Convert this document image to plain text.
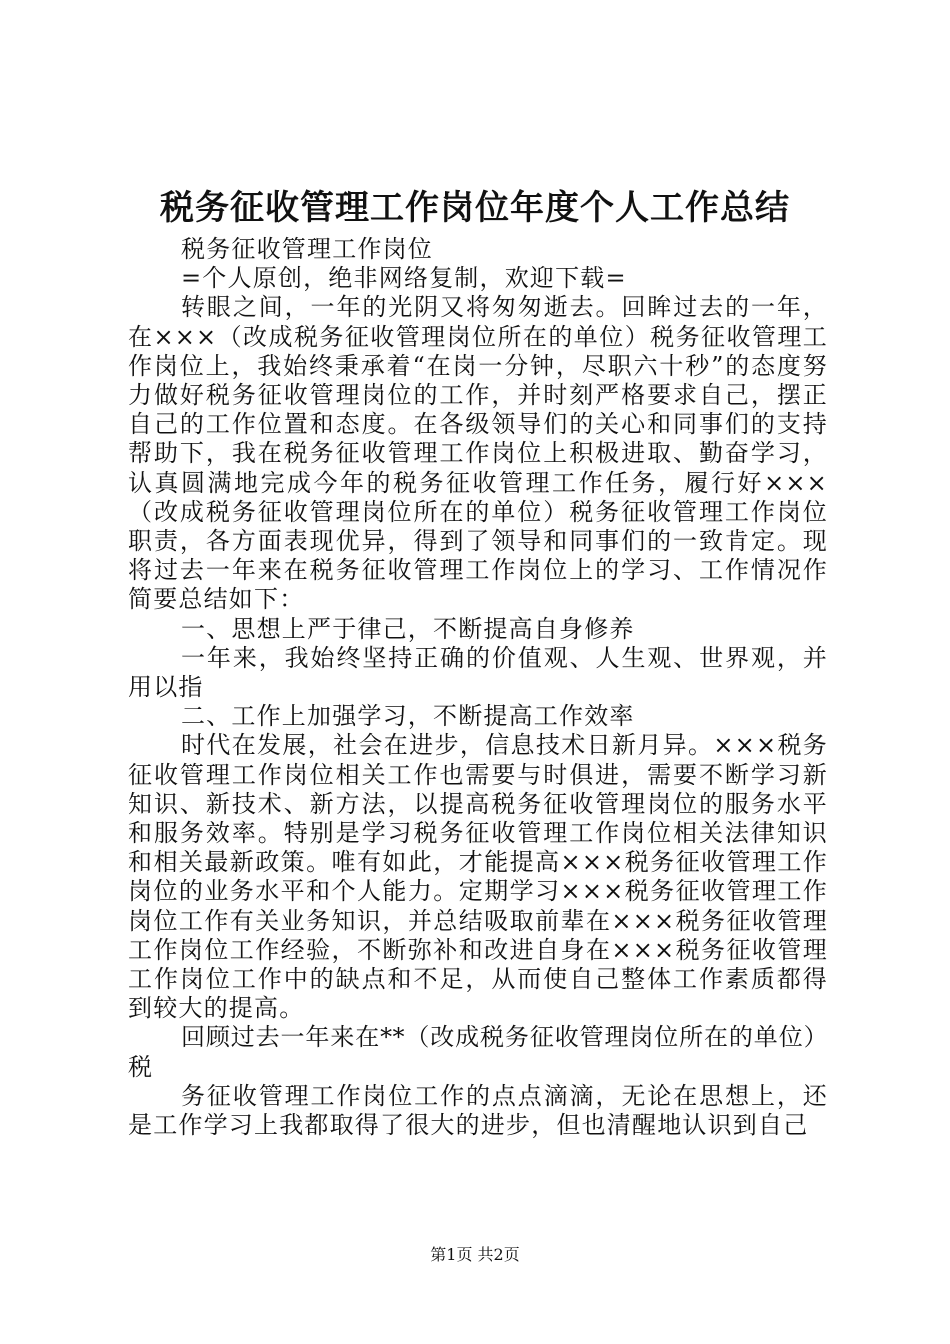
税务征收管理工作岗位年度个人工作总结

税务征收管理工作岗位

=个人原创，绝非网络复制，欢迎下载=

转眼之间，一年的光阴又将匆匆逝去。回眸过去的一年，在×××（改成税务征收管理岗位所在的单位）税务征收管理工作岗位上，我始终秉承着“在岗一分钟，尽职六十秒”的态度努力做好税务征收管理岗位的工作，并时刻严格要求自己，摆正自己的工作位置和态度。在各级领导们的关心和同事们的支持帮助下，我在税务征收管理工作岗位上积极进取、勤奋学习，认真圆满地完成今年的税务征收管理工作任务，履行好×××（改成税务征收管理岗位所在的单位）税务征收管理工作岗位职责，各方面表现优异，得到了领导和同事们的一致肯定。现将过去一年来在税务征收管理工作岗位上的学习、工作情况作简要总结如下：

一、思想上严于律己，不断提高自身修养

一年来，我始终坚持正确的价值观、人生观、世界观，并用以指

二、工作上加强学习，不断提高工作效率

时代在发展，社会在进步，信息技术日新月异。×××税务征收管理工作岗位相关工作也需要与时俱进，需要不断学习新知识、新技术、新方法，以提高税务征收管理岗位的服务水平和服务效率。特别是学习税务征收管理工作岗位相关法律知识和相关最新政策。唯有如此，才能提高×××税务征收管理工作岗位的业务水平和个人能力。定期学习×××税务征收管理工作岗位工作有关业务知识，并总结吸取前辈在×××税务征收管理工作岗位工作经验，不断弥补和改进自身在×××税务征收管理工作岗位工作中的缺点和不足，从而使自己整体工作素质都得到较大的提高。

回顾过去一年来在**（改成税务征收管理岗位所在的单位）税

务征收管理工作岗位工作的点点滴滴，无论在思想上，还是工作学习上我都取得了很大的进步，但也清醒地认识到自己

第1页 共2页
